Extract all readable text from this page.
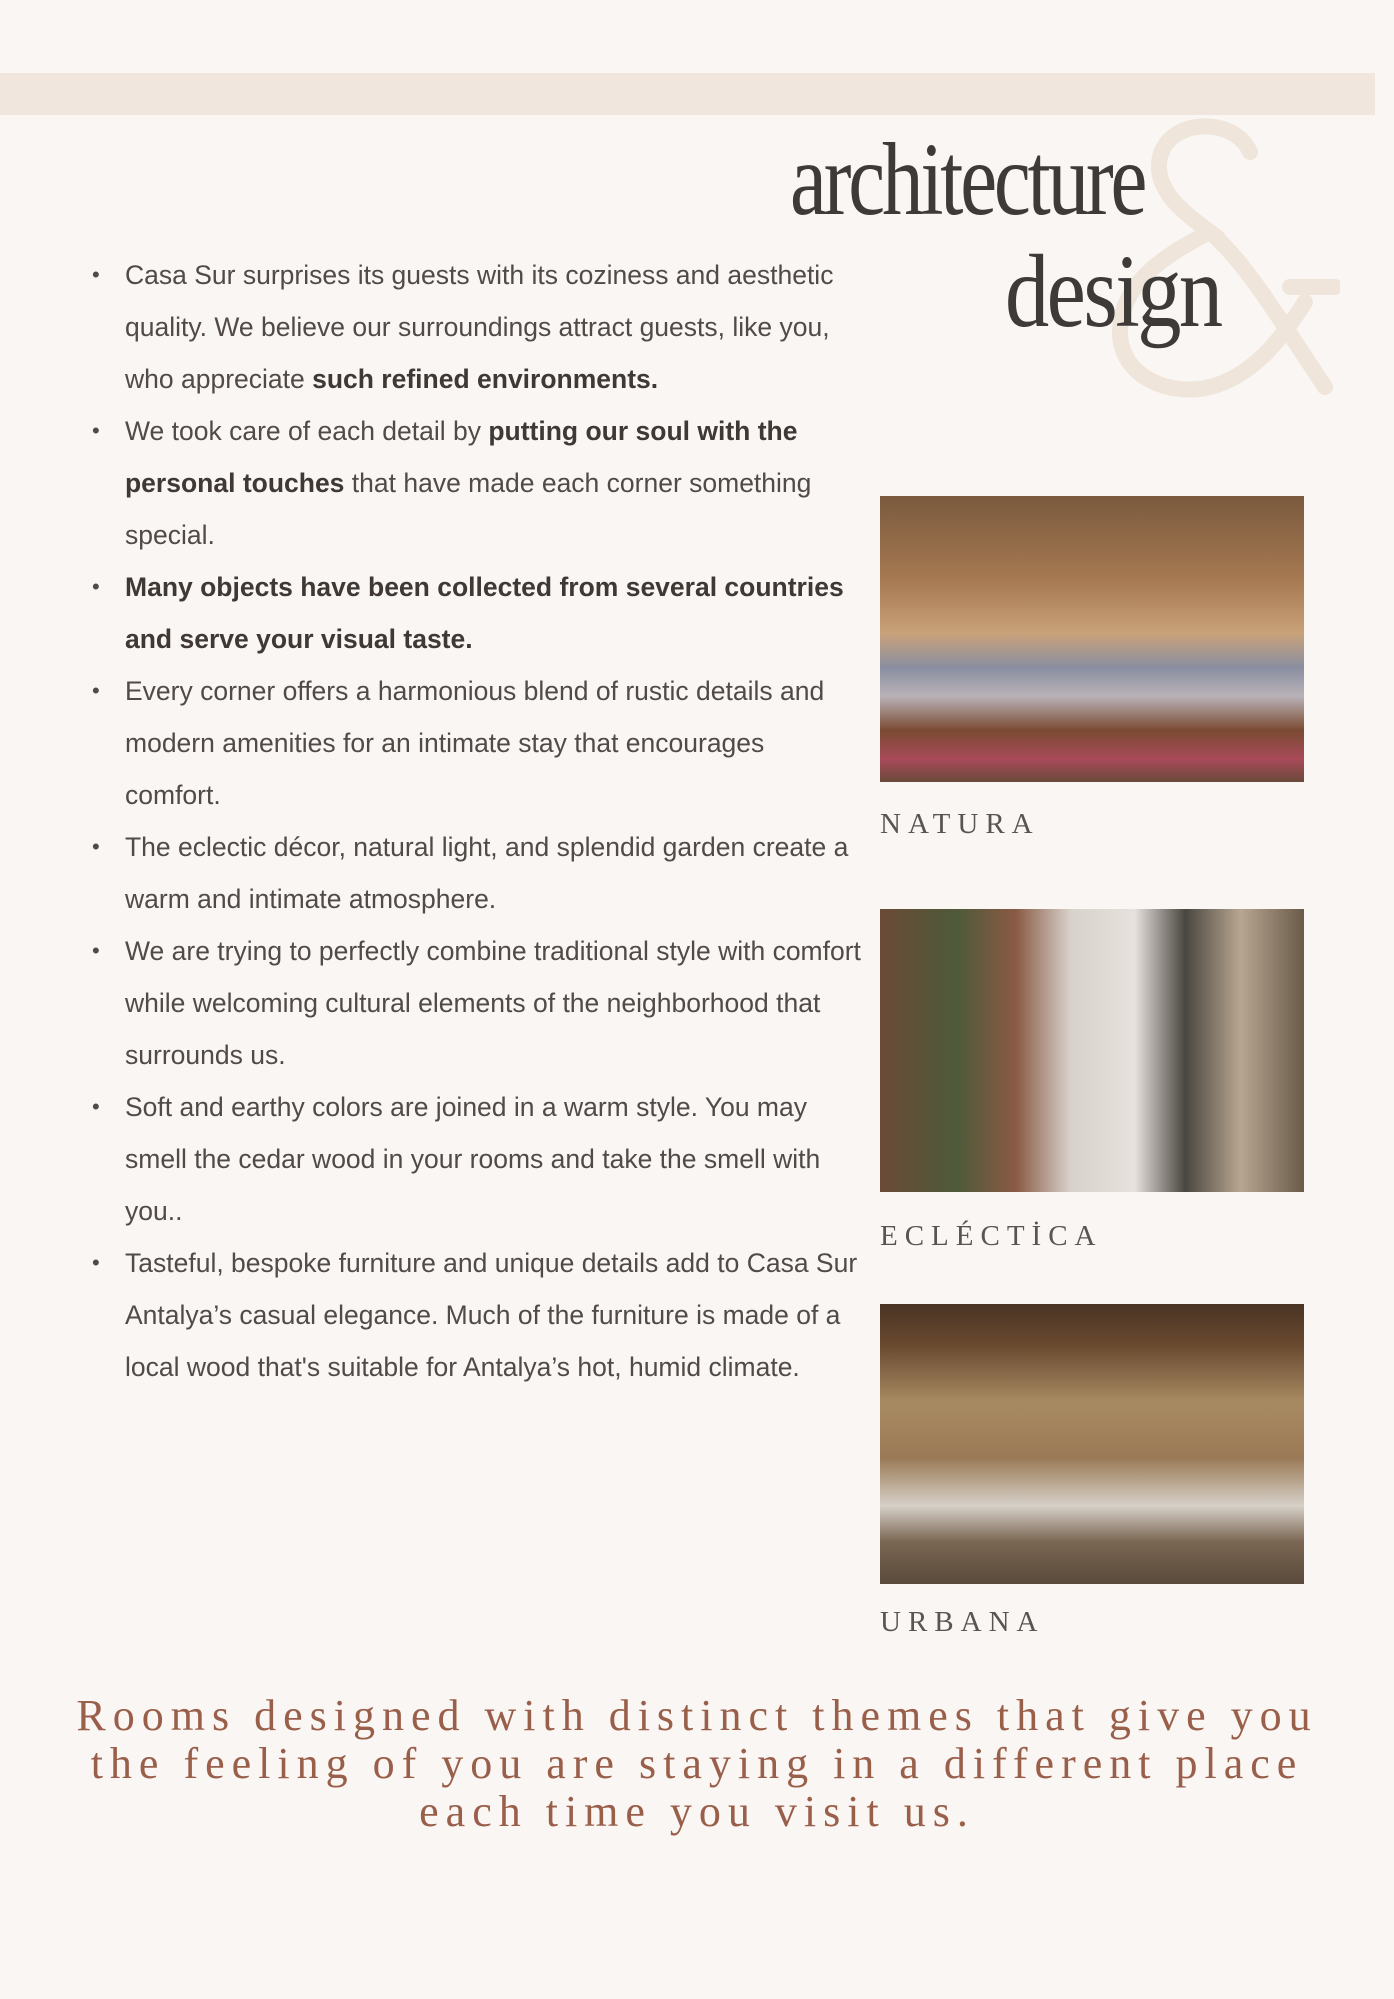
architecture
design
• Casa Sur surprises its guests with its coziness and aesthetic quality. We believe our surroundings attract guests, like you, who appreciate such refined environments.
• We took care of each detail by putting our soul with the personal touches that have made each corner something special.
• Many objects have been collected from several countries and serve your visual taste.
• Every corner offers a harmonious blend of rustic details and modern amenities for an intimate stay that encourages comfort.
• The eclectic décor, natural light, and splendid garden create a warm and intimate atmosphere.
• We are trying to perfectly combine traditional style with comfort while welcoming cultural elements of the neighborhood that surrounds us.
• Soft and earthy colors are joined in a warm style. You may smell the cedar wood in your rooms and take the smell with you..
• Tasteful, bespoke furniture and unique details add to Casa Sur Antalya’s casual elegance. Much of the furniture is made of a local wood that's suitable for Antalya’s hot, humid climate.
NATURA
ECLÉCTİCA
URBANA
Rooms designed with distinct themes that give you the feeling of you are staying in a different place each time you visit us.
